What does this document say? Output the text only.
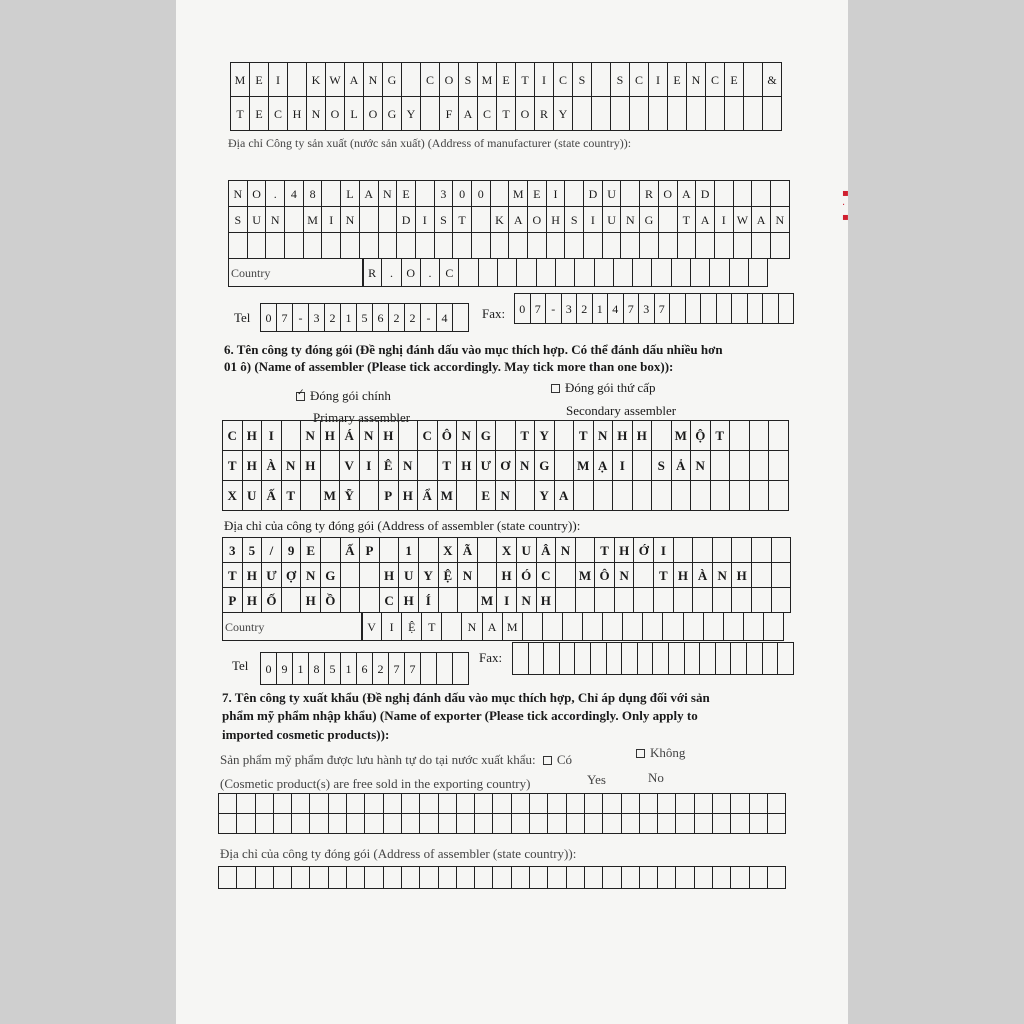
M E	I	K W A N G	C O S M E T	I	C S	S C	I	E N C E	&
T E C H N O L O G Y	F A C T O R Y
Địa chỉ Công ty sản xuất (nước sản xuất) (Address of manufacturer (state country)):
N O	.	4	8	L A N E	3	0	0	M E	I	D U	R O A D
S U N	M I	N	D	I	S T	K A O H S	I	U N G	T A	I W A N
Country	R	.	O	.	C
Tel	0 7 - 3 2 1 5 6 2 2 - 4	Fax:	0 7 - 3 2 1 4 7 3 7
6. Tên công ty đóng gói (Đề nghị đánh dấu vào mục thích hợp. Có thể đánh dấu nhiều hơn
01 ô) (Name of assembler (Please tick accordingly. May tick more than one box)):
✓Đóng gói chính
Primary assembler
Đóng gói thứ cấp
Secondary assembler
C H I	N H Á N H	C Ô N G	T Y	T N H H	M Ộ T
T H À N H	V I Ê N	T H Ư Ơ N G	M Ạ I	S Ả N
X U Ấ T	M Ỹ	P H Ẩ M	E N	Y A
Địa chỉ của công ty đóng gói (Address of assembler (state country)):
3	5	/	9 E	Ấ P	1	X Ã	X U Â N	T H Ớ I
T H Ư Ợ N G	H U Y Ệ N	H Ó C	M Ô N	T H À N H
P H Ố	H Ồ	C H Í	M I N H
Country	V	I	Ệ	T	N A M
Tel	0 9 1 8 5 1 6 2 7 7
Fax:
7. Tên công ty xuất khẩu (Đề nghị đánh dấu vào mục thích hợp, Chỉ áp dụng đối với sản
phẩm mỹ phẩm nhập khẩu) (Name of exporter (Please tick accordingly. Only apply to
imported cosmetic products)):
Sản phẩm mỹ phẩm được lưu hành tự do tại nước xuất khẩu: Có	Không
(Cosmetic product(s) are free sold in the exporting country)	Yes	No
Địa chỉ của công ty đóng gói (Address of assembler (state country)):
▪
·
▪
